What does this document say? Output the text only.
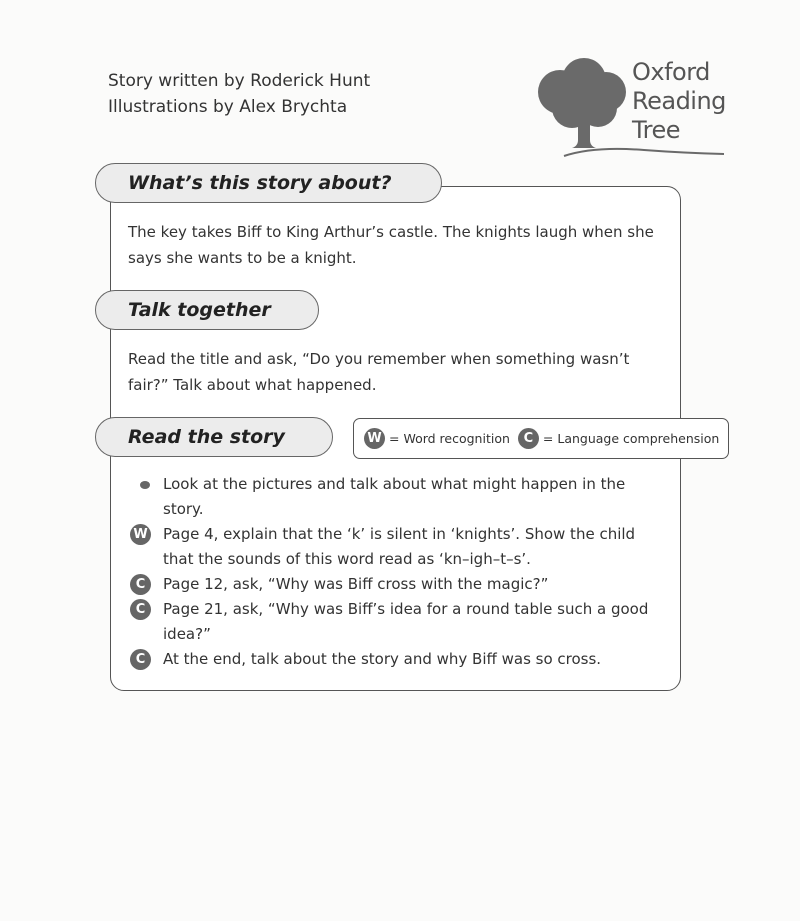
Story written by Roderick Hunt
Illustrations by Alex Brychta
Oxford
Reading
Tree
What’s this story about?
The key takes Biff to King Arthur’s castle. The knights laugh when she says she wants to be a knight.
Talk together
Read the title and ask, “Do you remember when something wasn’t fair?” Talk about what happened.
Read the story	W = Word recognition	C = Language comprehension
Look at the pictures and talk about what might happen in the story.
W Page 4, explain that the ‘k’ is silent in ‘knights’. Show the child that the sounds of this word read as ‘kn–igh–t–s’.
C	Page 12, ask, “Why was Biff cross with the magic?”
C	Page 21, ask, “Why was Biff’s idea for a round table such a good idea?”
C	At the end, talk about the story and why Biff was so cross.
